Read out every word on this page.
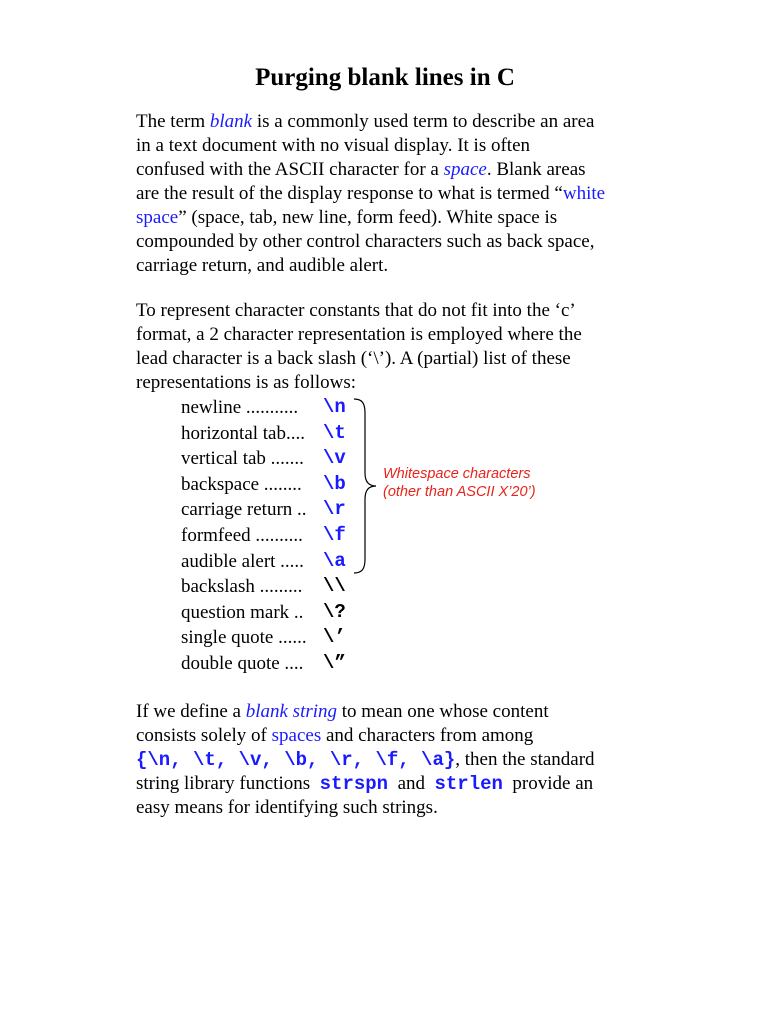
Purging blank lines in C
The term blank is a commonly used term to describe an area
in a text document with no visual display. It is often
confused with the ASCII character for a space. Blank areas
are the result of the display response to what is termed “white
space” (space, tab, new line, form feed). White space is
compounded by other control characters such as back space,
carriage return, and audible alert.
To represent character constants that do not fit into the ‘c’
format, a 2 character representation is employed where the
lead character is a back slash (‘\’). A (partial) list of these
representations is as follows:
newline ........... \n
horizontal tab.... \t
vertical tab ....... \v
backspace ........ \b
carriage return .. \r
formfeed .......... \f
audible alert ..... \a
backslash ......... \\
question mark .. \?
single quote ...... \’
double quote .... \”
Whitespace characters
(other than ASCII X’20’)
If we define a blank string to mean one whose content
consists solely of spaces and characters from among
{\n, \t, \v, \b, \r, \f, \a}, then the standard
string library functions  strspn  and  strlen  provide an
easy means for identifying such strings.
